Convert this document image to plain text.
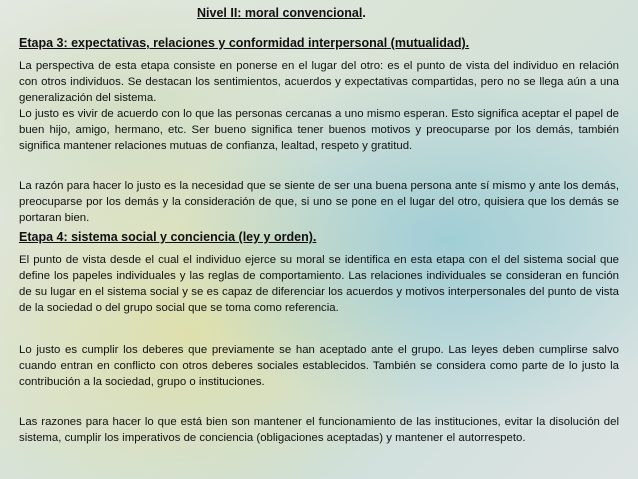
Nivel II: moral convencional.
Etapa 3: expectativas, relaciones y conformidad interpersonal (mutualidad).
La perspectiva de esta etapa consiste en ponerse en el lugar del otro: es el punto de vista del individuo en relación con otros individuos. Se destacan los sentimientos, acuerdos y expectativas compartidas, pero no se llega aún a una generalización del sistema.
Lo justo es vivir de acuerdo con lo que las personas cercanas a uno mismo esperan. Esto significa aceptar el papel de buen hijo, amigo, hermano, etc. Ser bueno significa tener buenos motivos y preocuparse por los demás, también significa mantener relaciones mutuas de confianza, lealtad, respeto y gratitud.
La razón para hacer lo justo es la necesidad que se siente de ser una buena persona ante sí mismo y ante los demás, preocuparse por los demás y la consideración de que, si uno se pone en el lugar del otro, quisiera que los demás se portaran bien.
Etapa 4: sistema social y conciencia (ley y orden).
El punto de vista desde el cual el individuo ejerce su moral se identifica en esta etapa con el del sistema social que define los papeles individuales y las reglas de comportamiento. Las relaciones individuales se consideran en función de su lugar en el sistema social y se es capaz de diferenciar los acuerdos y motivos interpersonales del punto de vista de la sociedad o del grupo social que se toma como referencia.
Lo justo es cumplir los deberes que previamente se han aceptado ante el grupo. Las leyes deben cumplirse salvo cuando entran en conflicto con otros deberes sociales establecidos. También se considera como parte de lo justo la contribución a la sociedad, grupo o instituciones.
Las razones para hacer lo que está bien son mantener el funcionamiento de las instituciones, evitar la disolución del sistema, cumplir los imperativos de conciencia (obligaciones aceptadas) y mantener el autorrespeto.
